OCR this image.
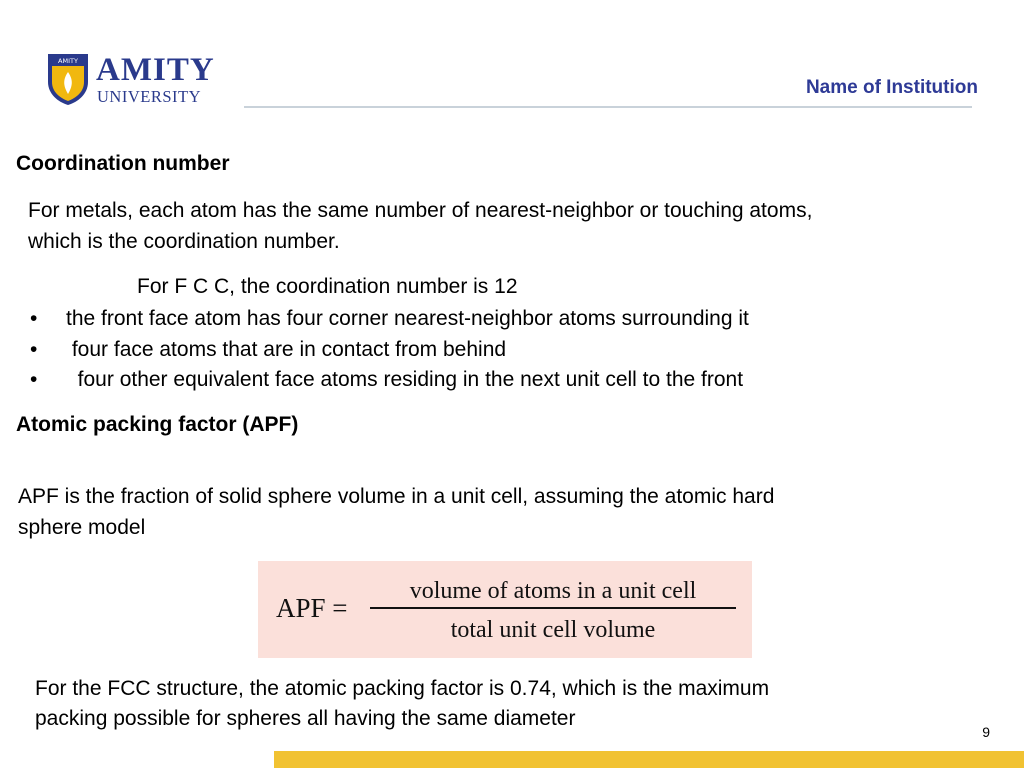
AMITY AMITY
UNIVERSITY	Name of Institution
Coordination number
For metals, each atom has the same number of nearest-neighbor or touching atoms,
which is the coordination number.
For F C C, the coordination number is 12
• the front face atom has four corner nearest-neighbor atoms surrounding it
• four face atoms that are in contact from behind
•  four other equivalent face atoms residing in the next unit cell to the front
Atomic packing factor (APF)
APF is the fraction of solid sphere volume in a unit cell, assuming the atomic hard
sphere model
APF =
volume of atoms in a unit cell
total unit cell volume
For the FCC structure, the atomic packing factor is 0.74, which is the maximum
packing possible for spheres all having the same diameter
9
